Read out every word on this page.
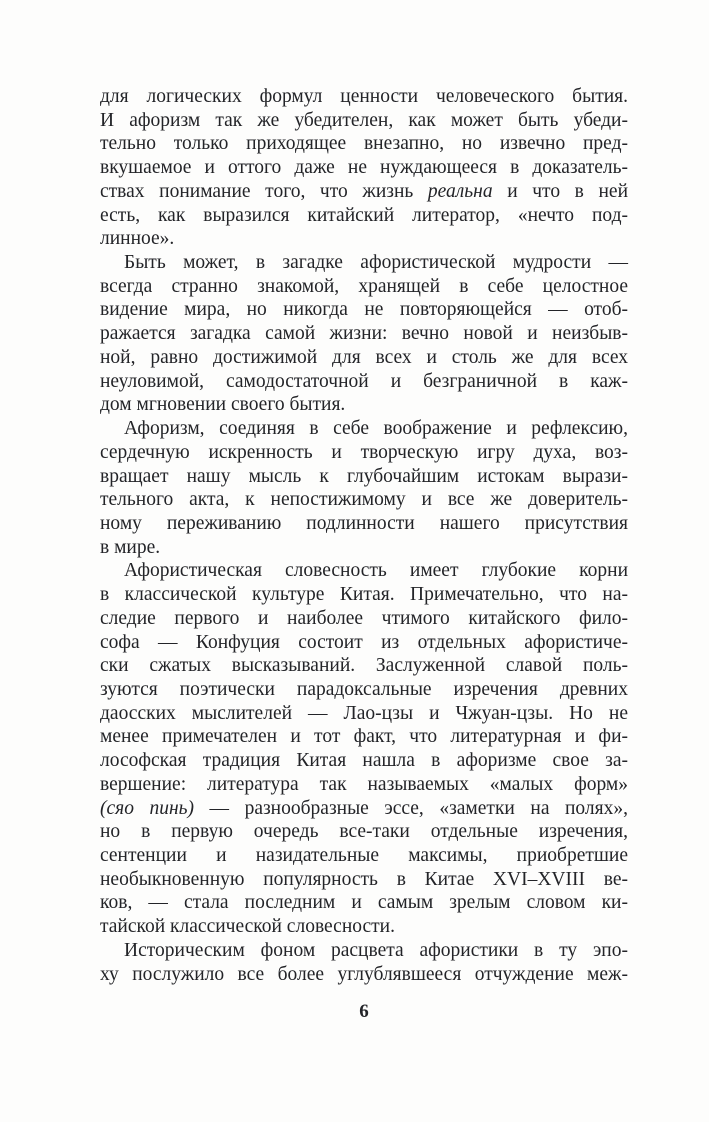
для логических формул ценности человеческого бытия.
И афоризм так же убедителен, как может быть убеди-
тельно только приходящее внезапно, но извечно пред-
вкушаемое и оттого даже не нуждающееся в доказатель-
ствах понимание того, что жизнь реальна и что в ней
есть, как выразился китайский литератор, «нечто под-
линное».
Быть может, в загадке афористической мудрости —
всегда странно знакомой, хранящей в себе целостное
видение мира, но никогда не повторяющейся — отоб-
ражается загадка самой жизни: вечно новой и неизбыв-
ной, равно достижимой для всех и столь же для всех
неуловимой, самодостаточной и безграничной в каж-
дом мгновении своего бытия.
Афоризм, соединяя в себе воображение и рефлексию,
сердечную искренность и творческую игру духа, воз-
вращает нашу мысль к глубочайшим истокам вырази-
тельного акта, к непостижимому и все же доверитель-
ному переживанию подлинности нашего присутствия
в мире.
Афористическая словесность имеет глубокие корни
в классической культуре Китая. Примечательно, что на-
следие первого и наиболее чтимого китайского фило-
софа — Конфуция состоит из отдельных афористиче-
ски сжатых высказываний. Заслуженной славой поль-
зуются поэтически парадоксальные изречения древних
даосских мыслителей — Лао-цзы и Чжуан-цзы. Но не
менее примечателен и тот факт, что литературная и фи-
лософская традиция Китая нашла в афоризме свое за-
вершение: литература так называемых «малых форм»
(сяо пинь) — разнообразные эссе, «заметки на полях»,
но в первую очередь все-таки отдельные изречения,
сентенции и назидательные максимы, приобретшие
необыкновенную популярность в Китае XVI–XVIII ве-
ков, — стала последним и самым зрелым словом ки-
тайской классической словесности.
Историческим фоном расцвета афористики в ту эпо-
ху послужило все более углублявшееся отчуждение меж-
6
